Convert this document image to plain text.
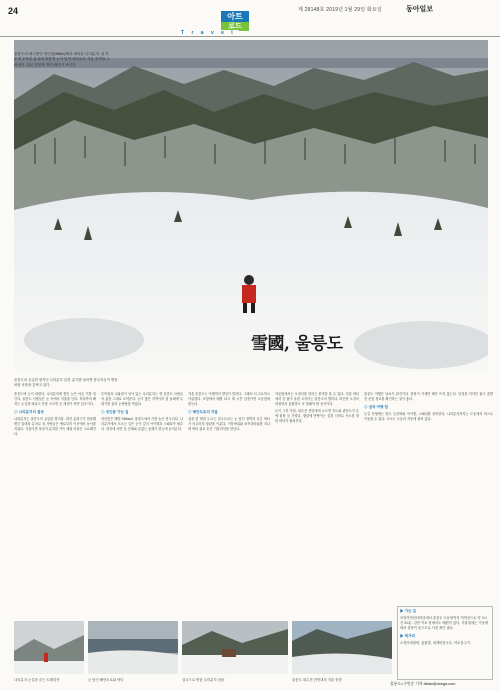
24
아트
로드
제 28148호 2019년 1월 29일 화요일	동아일보
T r a v e l
울릉도의 최고봉인 성인봉(986m)에서 바라본 나리분지. 섬 가운데 우묵한 분지에 하얗게 눈이 덮여 평화로운 겨울 풍경을 그려낸다. 뒤로 알봉과 멀리 바다가 보인다.
雪國, 울릉도
울릉도의 유일한 평지인 나리분지 설경. 분지를 둘러싼 봉우리들이 병풍처럼 마을을 감싸고 있다.

울릉도에 눈이 내린다. 나리분지에 쌓인 눈은 어른 키를 넘긴다. 울릉도 사람들은 눈 속에서 겨울을 난다. 허리까지 빠지는 눈길을 헤치고 산을 오르면 온 세상이 하얀 설국이다.

◇ 나리분지의 설국

나리분지는 울릉도의 유일한 평지다. 화산 분화구가 함몰해 생긴 칼데라 분지로 섬 사람들은 예로부터 이곳에서 농사를 지었다. 겨울이면 폭설이 분지를 가득 채워 마을은 고요해진다.

투막집과 너와집이 남아 있는 나리분지는 옛 울릉도 사람들의 삶을 그대로 보여준다. 눈이 많은 지역이라 집 둘레에 우데기를 둘러 눈바람을 막았다.

◇ 성인봉 가는 길

성인봉은 해발 986m로 울릉도에서 가장 높은 봉우리다. 나리분지에서 오르는 길은 눈이 깊어 아이젠과 스패치가 필수다. 정상에 서면 섬 전체와 끝없는 동해가 한눈에 들어온다.

겨울 울릉도는 여행객의 발길이 뜸하다. 그래서 더 고요하고 아름답다. 포항에서 배를 타고 세 시간 남짓이면 도동항에 닿는다.

◇ 해안도로의 겨울

섬을 한 바퀴 두르는 일주도로는 눈 덮인 절벽과 푸른 바다가 어우러져 장관을 이룬다. 거북바위와 코끼리바위를 지나며 바다 위로 솟은 기암괴석을 만난다.

저동항에서는 오징어를 말리는 풍경을 볼 수 있다. 겨울 바다에서 갓 잡아 올린 오징어는 울릉도의 별미다. 따끈한 오징어내장탕과 홍합밥도 꼭 맛봐야 할 음식이다.

눈이 그친 아침, 내수전 전망대에 오르면 죽도와 관음도가 손에 잡힐 듯 가깝다. 햇살에 반짝이는 설경 너머로 독도를 향한 바다가 펼쳐진다.

울릉도 여행은 날씨가 관건이다. 풍랑이 거세면 배가 뜨지 않는다. 일정을 넉넉히 잡고 출발 전 운항 정보를 확인하는 것이 좋다.

◇ 설국 여행 팁

눈길 산행에는 방수 등산화와 아이젠, 스패치를 준비한다. 나리분지까지는 도동에서 버스로 이동할 수 있다. 숙소는 도동과 저동에 몰려 있다.

▶ 가는 길
포항여객선터미널에서 울릉도 도동항까지 여객선으로 약 3시간 30분. 강릉·묵호 항에서도 배편이 있다. 겨울철에는 기상에 따라 결항이 잦으므로 사전 확인 필수.
▶ 먹거리
오징어내장탕, 홍합밥, 따개비칼국수, 약소불고기.
나리분지 눈길을 걷는 트레킹족	눈 덮인 해안도로와 바다	설국으로 변한 나리분지 마을	울릉도 내수전 전망대의 겨울 풍경
울릉도=구민준 기자 ttsfax@donga.com
